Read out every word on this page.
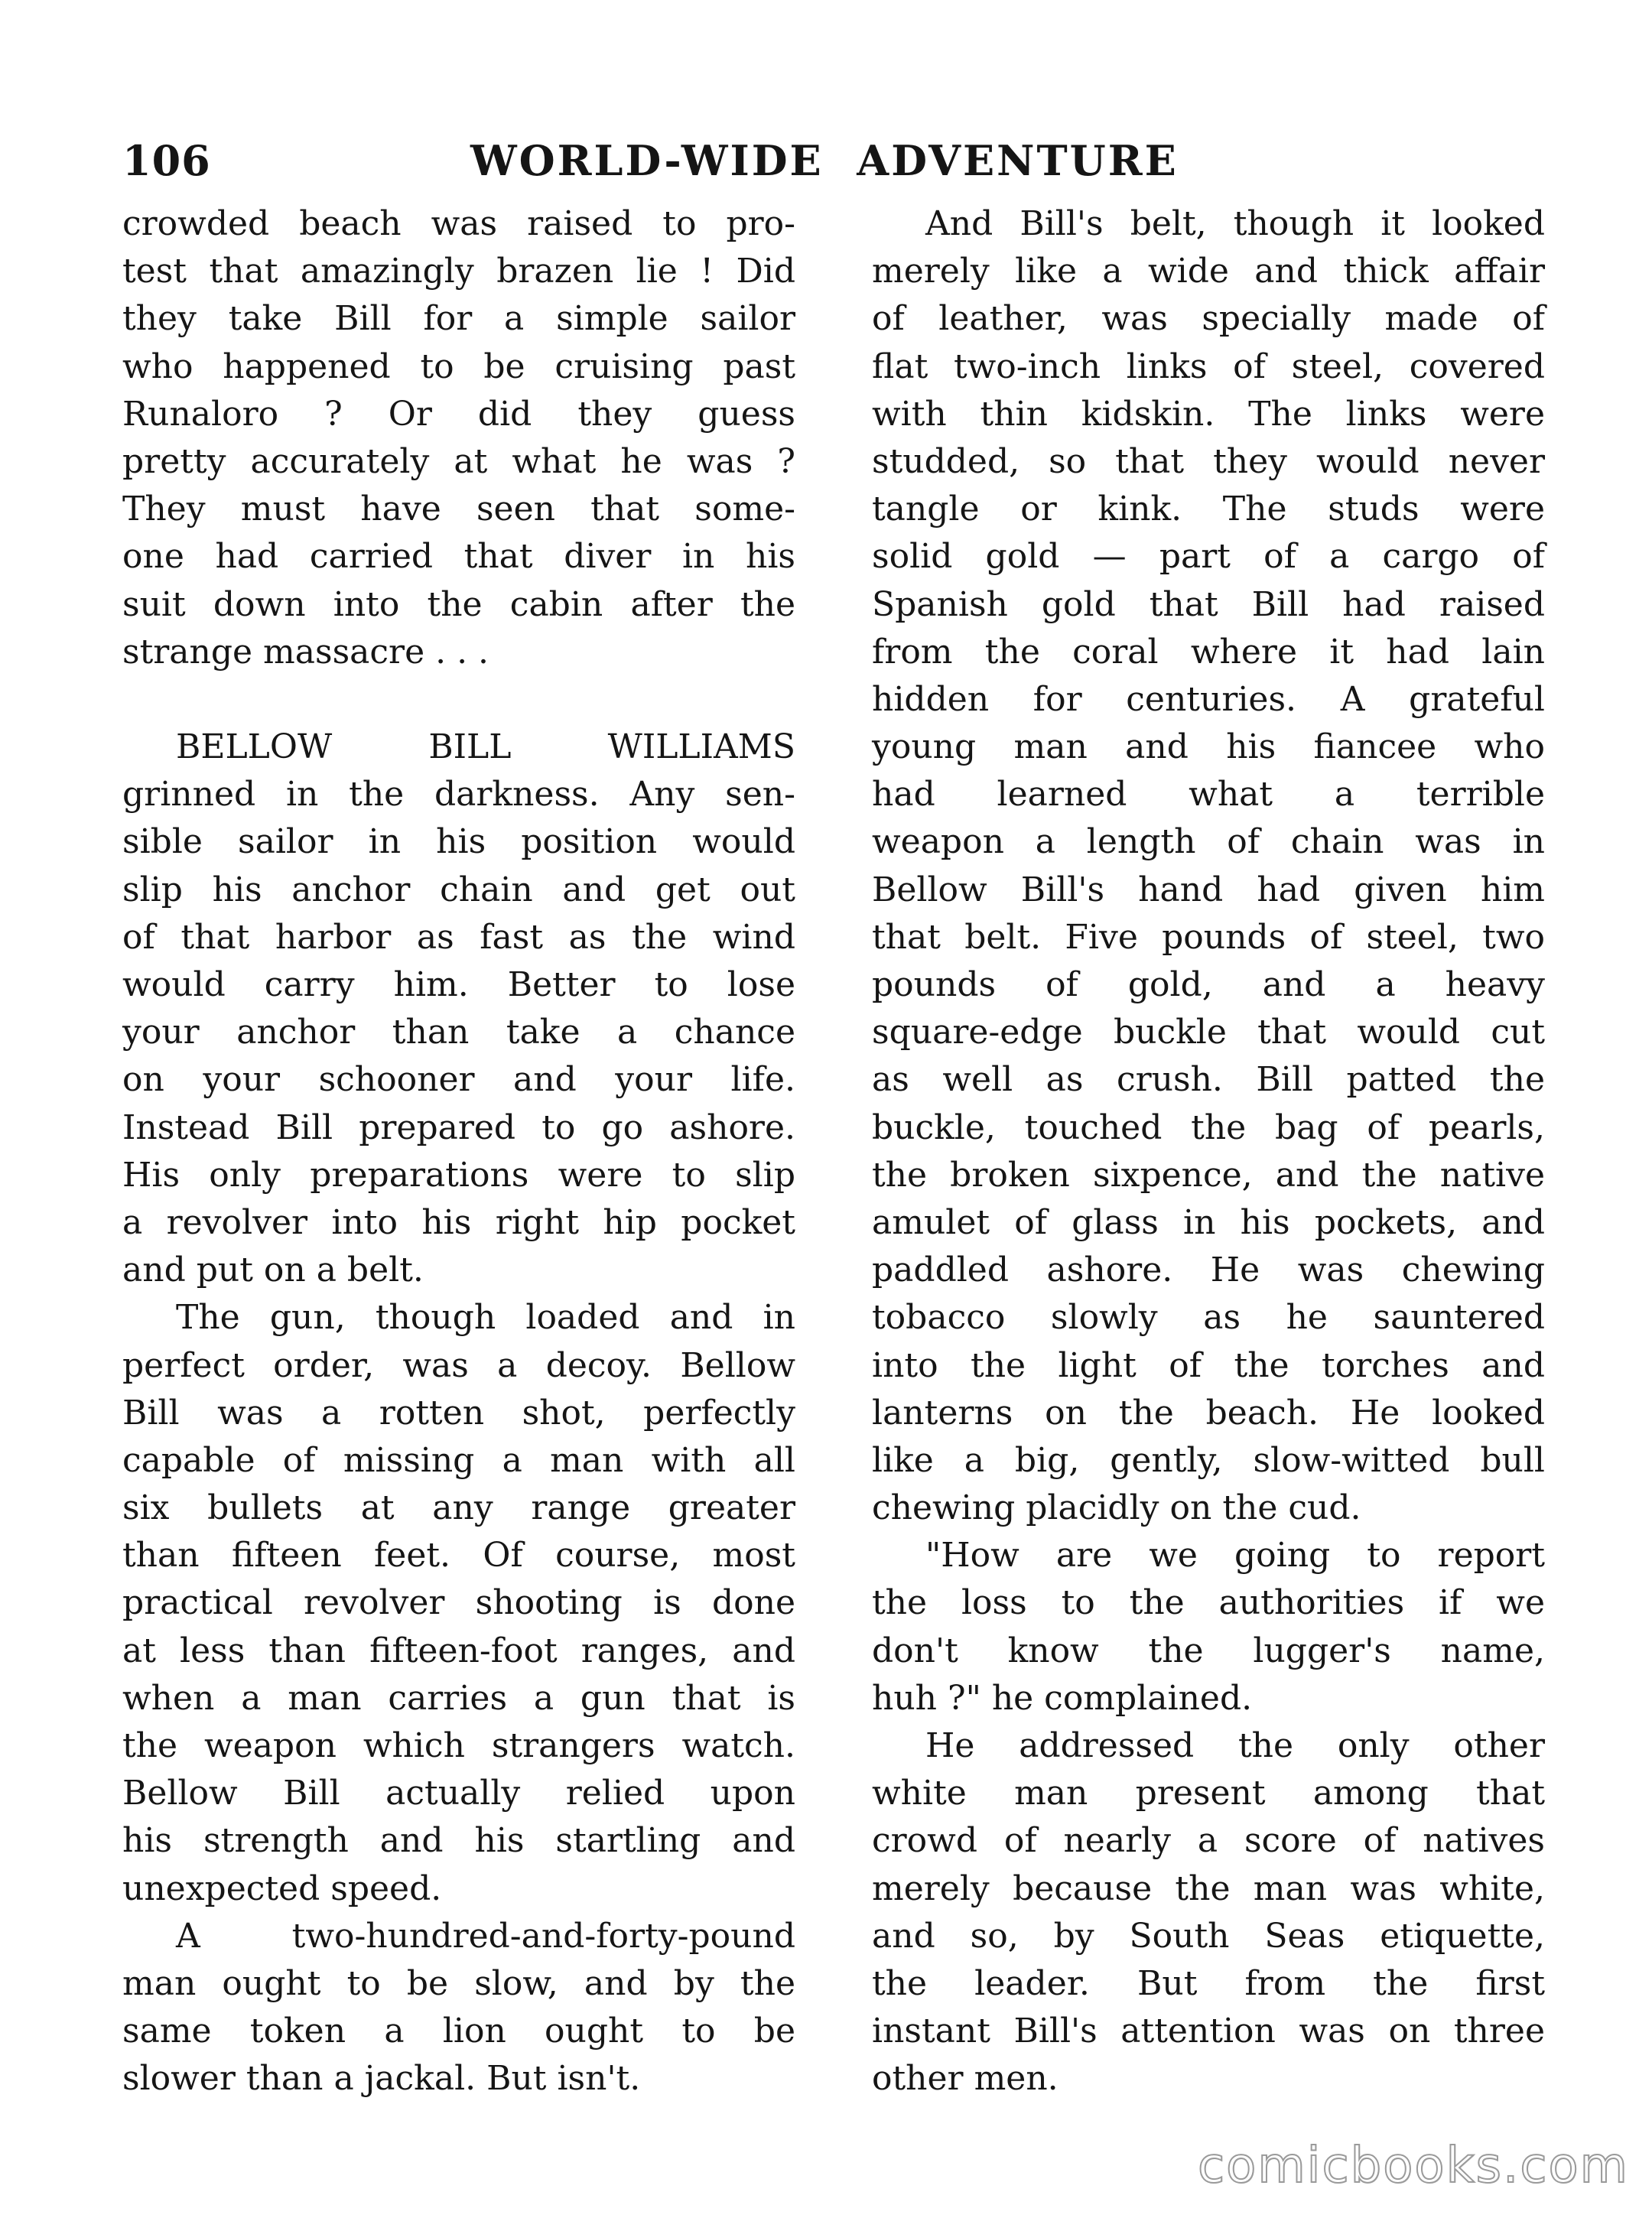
106	WORLD-WIDE  ADVENTURE
crowded beach was raised to pro-
test that amazingly brazen lie ! Did
they take Bill for a simple sailor
who happened to be cruising past
Runaloro ? Or did they guess
pretty accurately at what he was ?
They must have seen that some-
one had carried that diver in his
suit down into the cabin after the
strange massacre . . .
BELLOW BILL WILLIAMS
grinned in the darkness. Any sen-
sible sailor in his position would
slip his anchor chain and get out
of that harbor as fast as the wind
would carry him. Better to lose
your anchor than take a chance
on your schooner and your life.
Instead Bill prepared to go ashore.
His only preparations were to slip
a revolver into his right hip pocket
and put on a belt.
The gun, though loaded and in
perfect order, was a decoy. Bellow
Bill was a rotten shot, perfectly
capable of missing a man with all
six bullets at any range greater
than fifteen feet. Of course, most
practical revolver shooting is done
at less than fifteen-foot ranges, and
when a man carries a gun that is
the weapon which strangers watch.
Bellow Bill actually relied upon
his strength and his startling and
unexpected speed.
A two-hundred-and-forty-pound
man ought to be slow, and by the
same token a lion ought to be
slower than a jackal. But isn't.
And Bill's belt, though it looked
merely like a wide and thick affair
of leather, was specially made of
flat two-inch links of steel, covered
with thin kidskin. The links were
studded, so that they would never
tangle or kink. The studs were
solid gold — part of a cargo of
Spanish gold that Bill had raised
from the coral where it had lain
hidden for centuries. A grateful
young man and his fiancee who
had learned what a terrible
weapon a length of chain was in
Bellow Bill's hand had given him
that belt. Five pounds of steel, two
pounds of gold, and a heavy
square-edge buckle that would cut
as well as crush. Bill patted the
buckle, touched the bag of pearls,
the broken sixpence, and the native
amulet of glass in his pockets, and
paddled ashore. He was chewing
tobacco slowly as he sauntered
into the light of the torches and
lanterns on the beach. He looked
like a big, gently, slow-witted bull
chewing placidly on the cud.
"How are we going to report
the loss to the authorities if we
don't know the lugger's name,
huh ?" he complained.
He addressed the only other
white man present among that
crowd of nearly a score of natives
merely because the man was white,
and so, by South Seas etiquette,
the leader. But from the first
instant Bill's attention was on three
other men.
comicbooks.com
